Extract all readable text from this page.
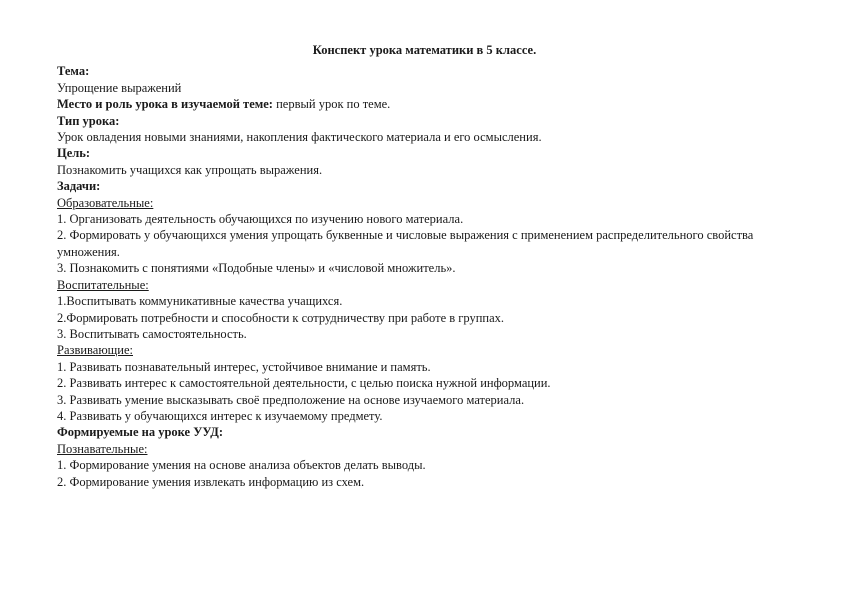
Конспект урока математики в 5 классе.

Тема:

Упрощение выражений

Место и роль урока в изучаемой теме: первый урок по теме.

Тип урока:

Урок овладения новыми знаниями, накопления фактического материала и его осмысления.

Цель:

Познакомить учащихся как упрощать выражения.

Задачи:

Образовательные:

1. Организовать деятельность обучающихся по изучению нового материала.

2. Формировать у обучающихся умения упрощать буквенные и числовые выражения с применением распределительного свойства умножения.

3. Познакомить с понятиями «Подобные члены» и «числовой множитель».

Воспитательные:

1.Воспитывать коммуникативные качества учащихся.

2.Формировать потребности и способности к сотрудничеству при работе в группах.

3. Воспитывать самостоятельность.

Развивающие:

1. Развивать познавательный интерес, устойчивое внимание и память.

2. Развивать интерес к самостоятельной деятельности, с целью поиска нужной информации.

3. Развивать умение высказывать своё предположение на основе изучаемого материала.

4. Развивать у обучающихся интерес к изучаемому предмету.

Формируемые на уроке УУД:

Познавательные:

1. Формирование умения на основе анализа объектов делать выводы.

2. Формирование умения извлекать информацию из схем.
